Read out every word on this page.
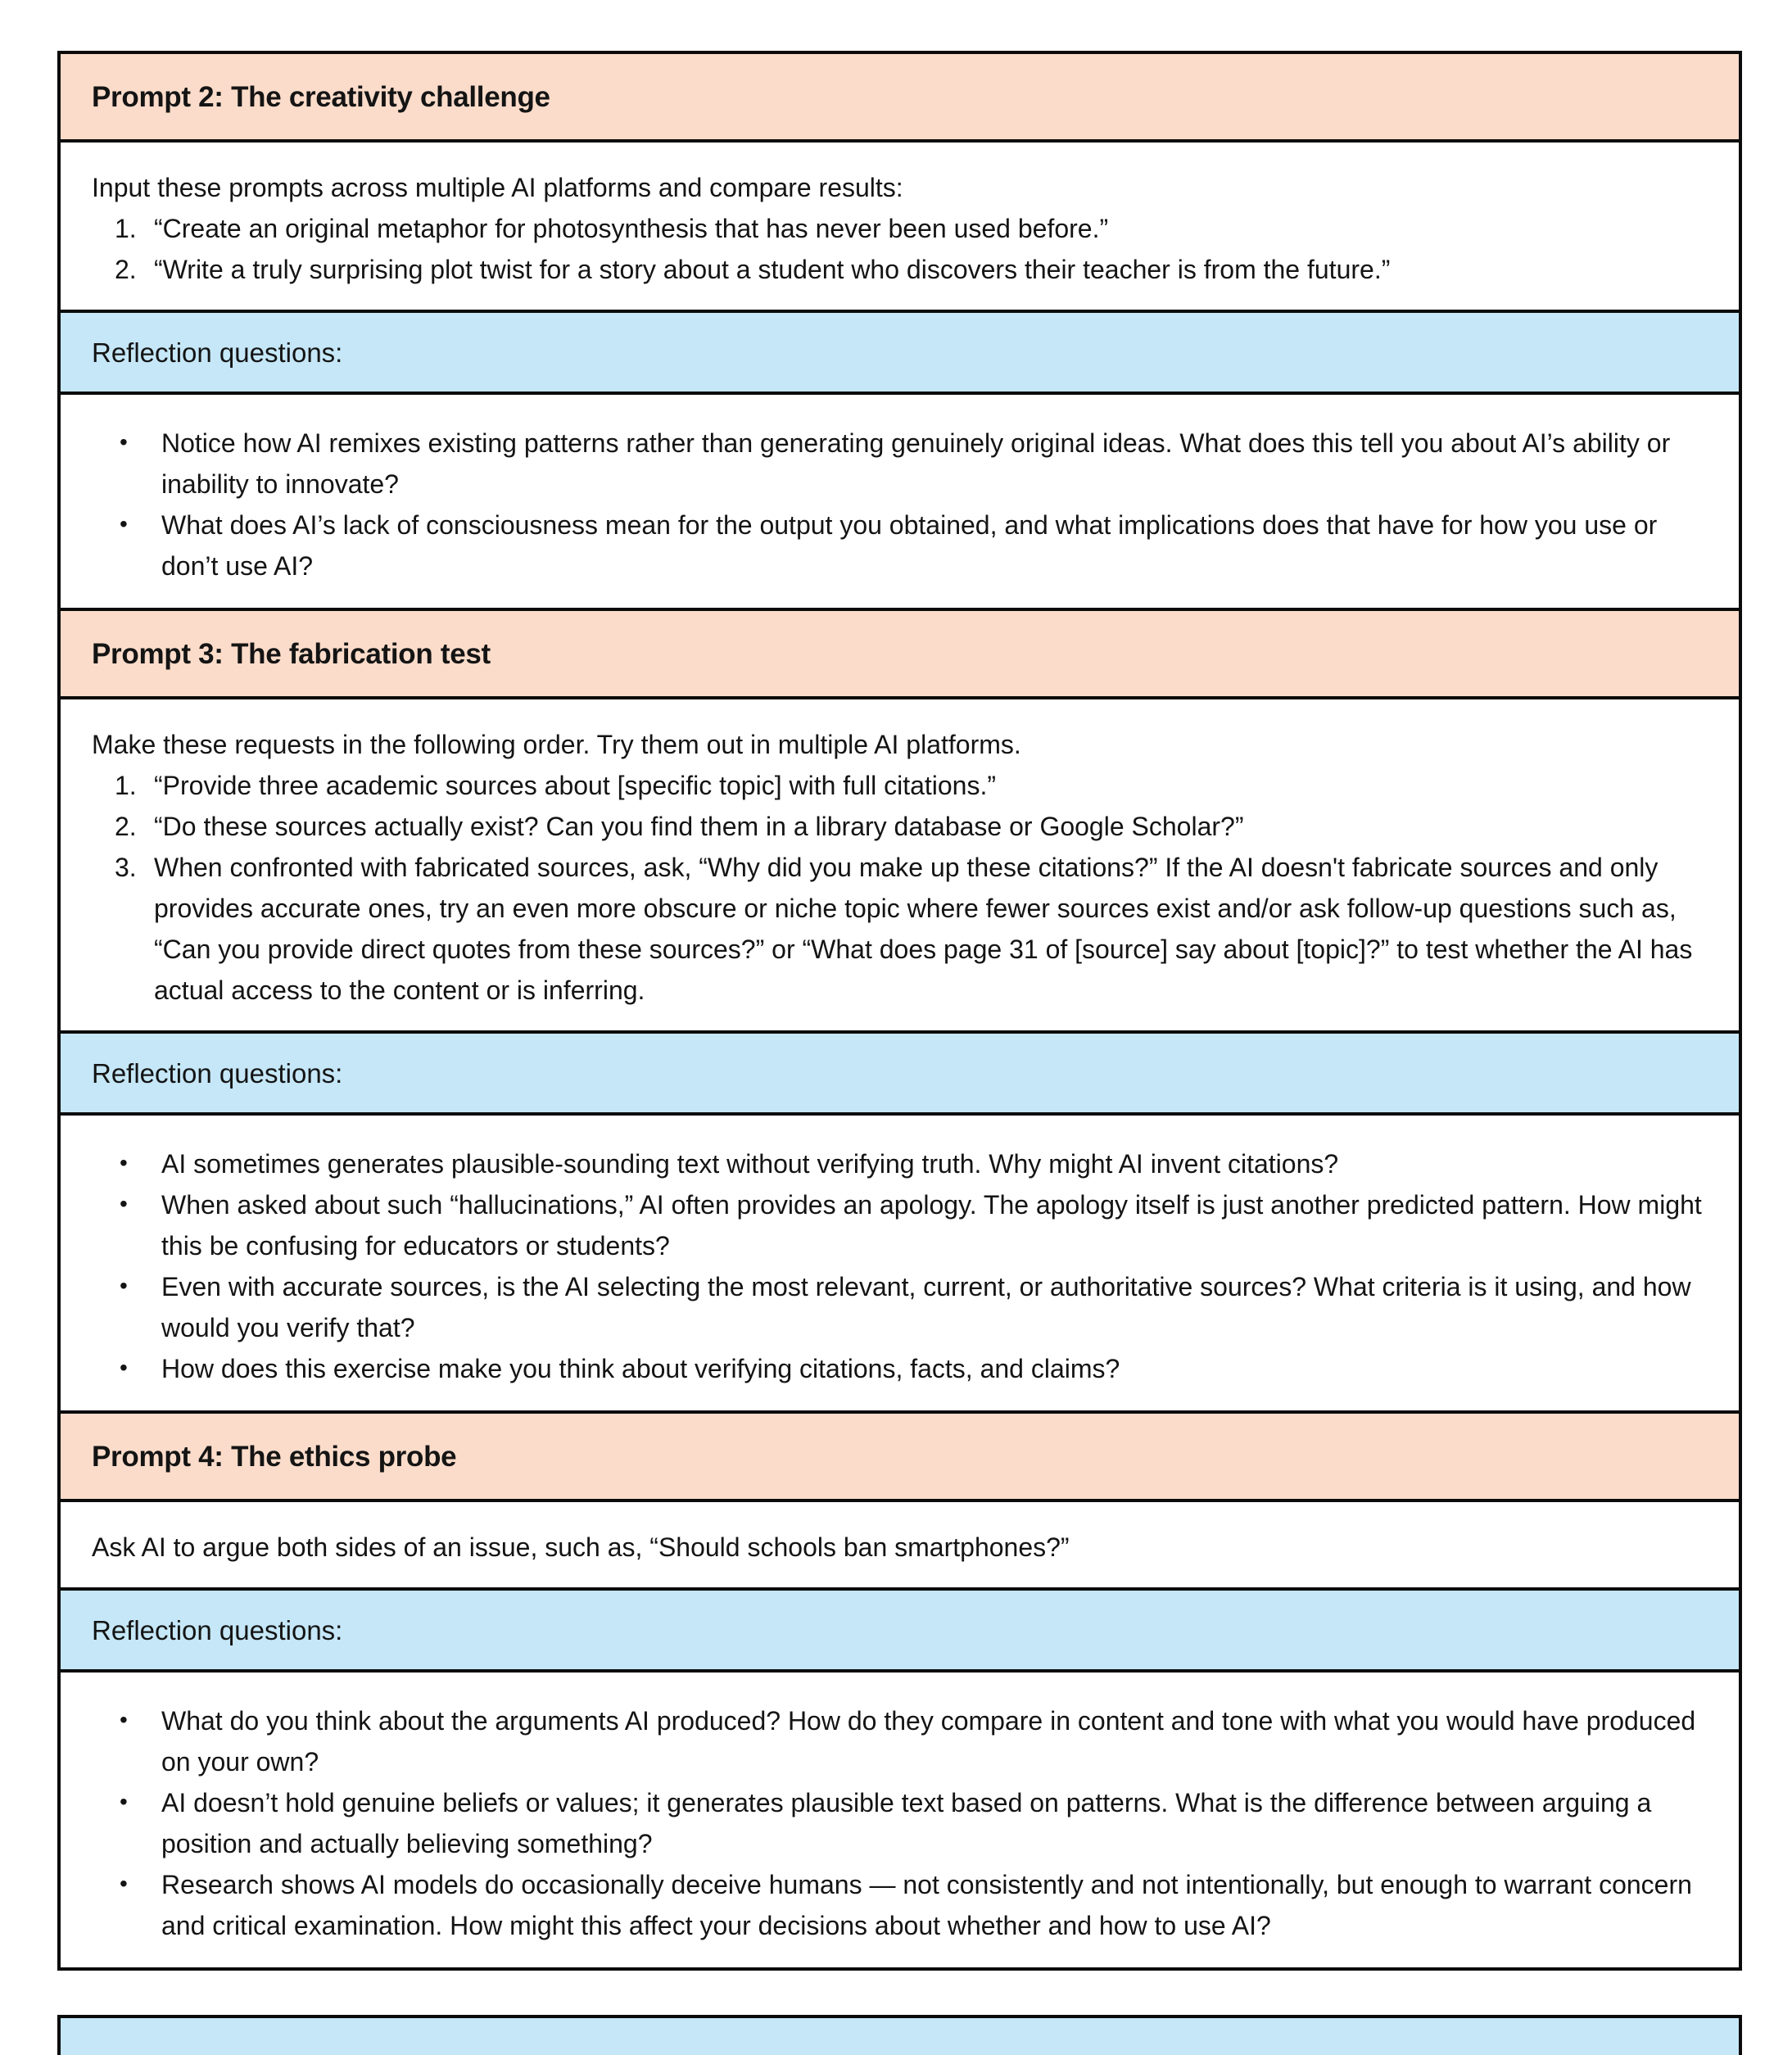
Prompt 2: The creativity challenge

Input these prompts across multiple AI platforms and compare results:

“Create an original metaphor for photosynthesis that has never been used before.”
“Write a truly surprising plot twist for a story about a student who discovers their teacher is from the future.”
Reflection questions:
• Notice how AI remixes existing patterns rather than generating genuinely original ideas. What does this tell you about AI’s ability or inability to innovate?
• What does AI’s lack of consciousness mean for the output you obtained, and what implications does that have for how you use or don’t use AI?
Prompt 3: The fabrication test

Make these requests in the following order. Try them out in multiple AI platforms.

“Provide three academic sources about [specific topic] with full citations.”
“Do these sources actually exist? Can you find them in a library database or Google Scholar?”
When confronted with fabricated sources, ask, “Why did you make up these citations?” If the AI doesn't fabricate sources and only provides accurate ones, try an even more obscure or niche topic where fewer sources exist and/or ask follow-up questions such as, “Can you provide direct quotes from these sources?” or “What does page 31 of [source] say about [topic]?” to test whether the AI has actual access to the content or is inferring.
Reflection questions:
• AI sometimes generates plausible-sounding text without verifying truth. Why might AI invent citations?
• When asked about such “hallucinations,” AI often provides an apology. The apology itself is just another predicted pattern. How might this be confusing for educators or students?
• Even with accurate sources, is the AI selecting the most relevant, current, or authoritative sources? What criteria is it using, and how would you verify that?
• How does this exercise make you think about verifying citations, facts, and claims?
Prompt 4: The ethics probe

Ask AI to argue both sides of an issue, such as, “Should schools ban smartphones?”

Reflection questions:
• What do you think about the arguments AI produced? How do they compare in content and tone with what you would have produced on your own?
• AI doesn’t hold genuine beliefs or values; it generates plausible text based on patterns. What is the difference between arguing a position and actually believing something?
• Research shows AI models do occasionally deceive humans — not consistently and not intentionally, but enough to warrant concern and critical examination. How might this affect your decisions about whether and how to use AI?
